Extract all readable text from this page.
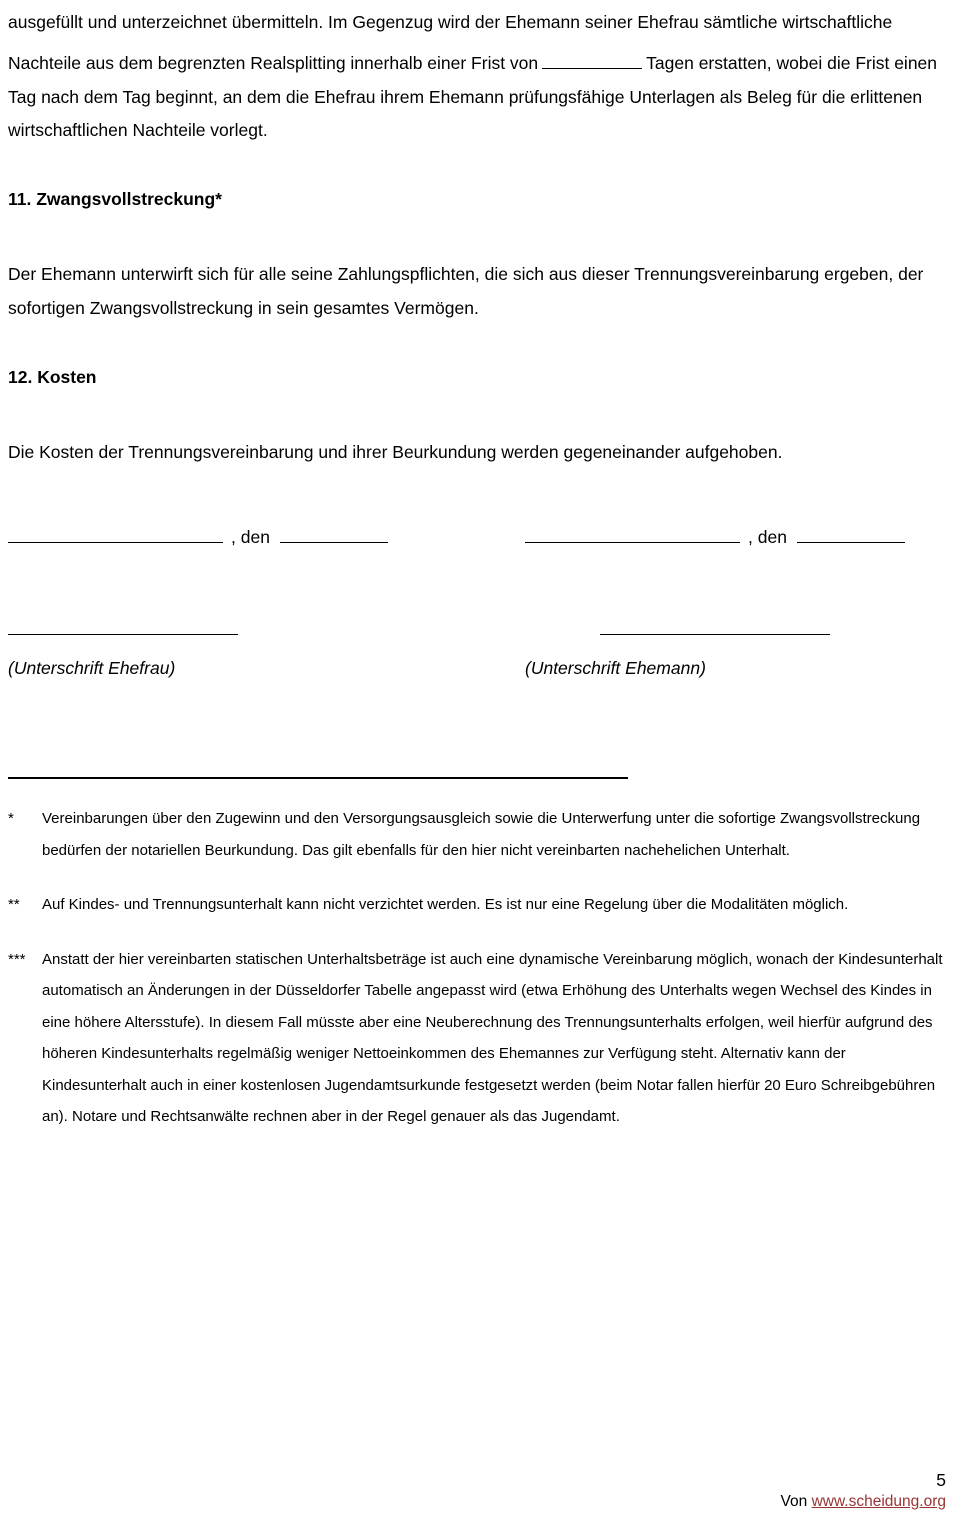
ausgefüllt und unterzeichnet übermitteln. Im Gegenzug wird der Ehemann seiner Ehefrau sämtliche wirtschaftliche

Nachteile aus dem begrenzten Realsplitting innerhalb einer Frist von	Tagen erstatten, wobei die Frist einen Tag nach dem Tag beginnt, an dem die Ehefrau ihrem Ehemann prüfungsfähige Unterlagen als Beleg für die erlittenen wirtschaftlichen Nachteile vorlegt.

11. Zwangsvollstreckung*

Der Ehemann unterwirft sich für alle seine Zahlungspflichten, die sich aus dieser Trennungsvereinbarung ergeben, der sofortigen Zwangsvollstreckung in sein gesamtes Vermögen.

12. Kosten

Die Kosten der Trennungsvereinbarung und ihrer Beurkundung werden gegeneinander aufgehoben.

, den	, den
(Unterschrift Ehefrau)	(Unterschrift Ehemann)
*	Vereinbarungen über den Zugewinn und den Versorgungsausgleich sowie die Unterwerfung unter die sofortige Zwangsvollstreckung bedürfen der notariellen Beurkundung. Das gilt ebenfalls für den hier nicht vereinbarten nachehelichen Unterhalt.
**	Auf Kindes- und Trennungsunterhalt kann nicht verzichtet werden. Es ist nur eine Regelung über die Modalitäten möglich.
***	Anstatt der hier vereinbarten statischen Unterhaltsbeträge ist auch eine dynamische Vereinbarung möglich, wonach der Kindesunterhalt automatisch an Änderungen in der Düsseldorfer Tabelle angepasst wird (etwa Erhöhung des Unterhalts wegen Wechsel des Kindes in eine höhere Altersstufe). In diesem Fall müsste aber eine Neuberechnung des Trennungsunterhalts erfolgen, weil hierfür aufgrund des höheren Kindesunterhalts regelmäßig weniger Nettoeinkommen des Ehemannes zur Verfügung steht. Alternativ kann der Kindesunterhalt auch in einer kostenlosen Jugendamtsurkunde festgesetzt werden (beim Notar fallen hierfür 20 Euro Schreibgebühren an). Notare und Rechtsanwälte rechnen aber in der Regel genauer als das Jugendamt.
5
Von www.scheidung.org
